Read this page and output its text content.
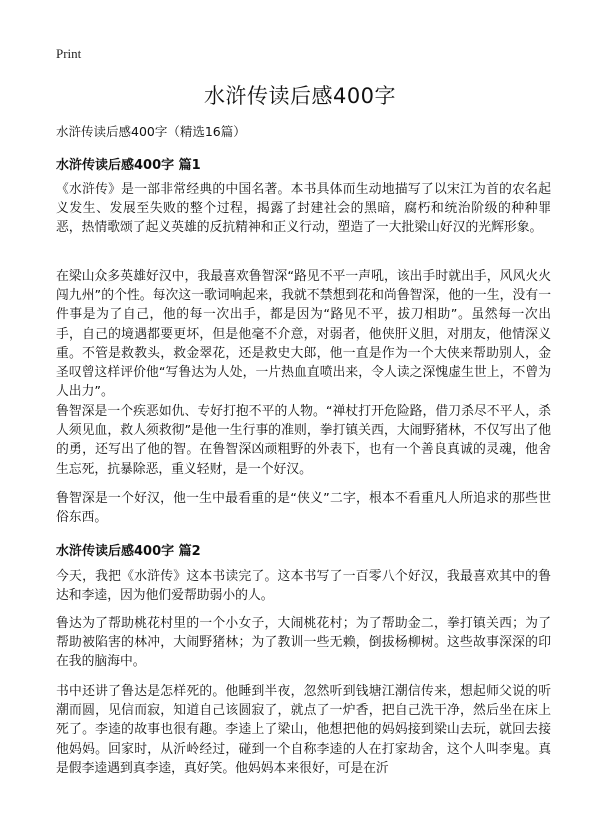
Print
水浒传读后感400字

水浒传读后感400字（精选16篇）

水浒传读后感400字 篇1

《水浒传》是一部非常经典的中国名著。本书具体而生动地描写了以宋江为首的农名起义发生、发展至失败的整个过程，揭露了封建社会的黑暗，腐朽和统治阶级的种种罪恶，热情歌颂了起义英雄的反抗精神和正义行动，塑造了一大批梁山好汉的光辉形象。

在梁山众多英雄好汉中，我最喜欢鲁智深“路见不平一声吼，该出手时就出手，风风火火闯九州”的个性。每次这一歌词响起来，我就不禁想到花和尚鲁智深，他的一生，没有一件事是为了自己，他的每一次出手，都是因为“路见不平，拔刀相助”。虽然每一次出手，自己的境遇都要更坏，但是他毫不介意，对弱者，他侠肝义胆，对朋友，他情深义重。不管是救教头，救金翠花，还是救史大郎，他一直是作为一个大侠来帮助别人，金圣叹曾这样评价他“写鲁达为人处，一片热血直喷出来，令人读之深愧虚生世上，不曾为人出力”。

鲁智深是一个疾恶如仇、专好打抱不平的人物。“禅杖打开危险路，借刀杀尽不平人，杀人须见血，救人须救彻”是他一生行事的准则，拳打镇关西，大闹野猪林，不仅写出了他的勇，还写出了他的智。在鲁智深凶顽粗野的外表下，也有一个善良真诚的灵魂，他舍生忘死，抗暴除恶，重义轻财，是一个好汉。

鲁智深是一个好汉，他一生中最看重的是“侠义”二字，根本不看重凡人所追求的那些世俗东西。

水浒传读后感400字 篇2

今天，我把《水浒传》这本书读完了。这本书写了一百零八个好汉，我最喜欢其中的鲁达和李逵，因为他们爱帮助弱小的人。

鲁达为了帮助桃花村里的一个小女子，大闹桃花村；为了帮助金二，拳打镇关西；为了帮助被陷害的林冲，大闹野猪林；为了教训一些无赖，倒拔杨柳树。这些故事深深的印在我的脑海中。

书中还讲了鲁达是怎样死的。他睡到半夜，忽然听到钱塘江潮信传来，想起师父说的听潮而圆，见信而寂，知道自己该圆寂了，就点了一炉香，把自己洗干净，然后坐在床上死了。李逵的故事也很有趣。李逵上了梁山，他想把他的妈妈接到梁山去玩，就回去接他妈妈。回家时，从沂岭经过，碰到一个自称李逵的人在打家劫舍，这个人叫李鬼。真是假李逵遇到真李逵，真好笑。他妈妈本来很好，可是在沂
